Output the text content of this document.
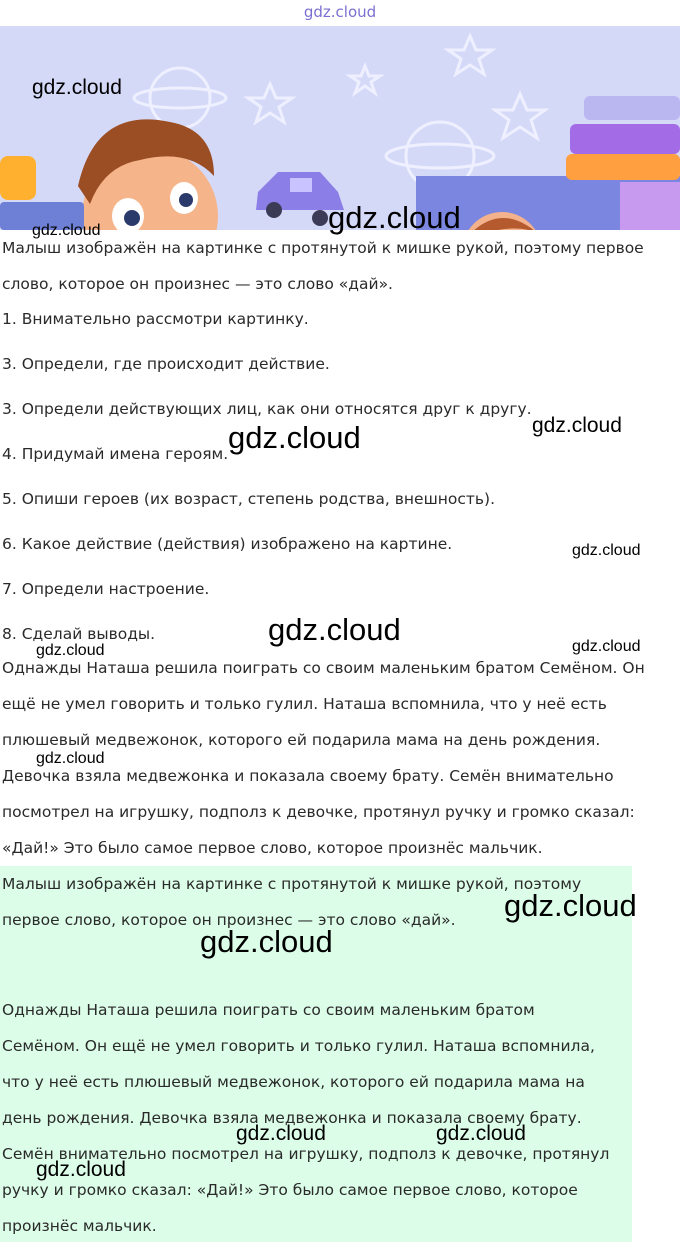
gdz.cloud
Малыш изображён на картинке с протянутой к мишке рукой, поэтому первое
слово, которое он произнес — это слово «дай».
1. Внимательно рассмотри картинку.
3. Определи, где происходит действие.
3. Определи действующих лиц, как они относятся друг к другу.
4. Придумай имена героям.
5. Опиши героев (их возраст, степень родства, внешность).
6. Какое действие (действия) изображено на картине.
7. Определи настроение.
8. Сделай выводы.
Однажды Наташа решила поиграть со своим маленьким братом Семёном. Он
ещё не умел говорить и только гулил. Наташа вспомнила, что у неё есть
плюшевый медвежонок, которого ей подарила мама на день рождения.
Девочка взяла медвежонка и показала своему брату. Семён внимательно
посмотрел на игрушку, подполз к девочке, протянул ручку и громко сказал:
«Дай!» Это было самое первое слово, которое произнёс мальчик.
Малыш изображён на картинке с протянутой к мишке рукой, поэтому
первое слово, которое он произнес — это слово «дай».
Однажды Наташа решила поиграть со своим маленьким братом
Семёном. Он ещё не умел говорить и только гулил. Наташа вспомнила,
что у неё есть плюшевый медвежонок, которого ей подарила мама на
день рождения. Девочка взяла медвежонка и показала своему брату.
Семён внимательно посмотрел на игрушку, подполз к девочке, протянул
ручку и громко сказал: «Дай!» Это было самое первое слово, которое
произнёс мальчик.
gdz.cloud
gdz.cloud
gdz.cloud
gdz.cloud	gdz.cloud
gdz.cloud
gdz.cloud
gdz.cloud	gdz.cloud
gdz.cloud
gdz.cloud
gdz.cloud
gdz.cloud	gdz.cloud
gdz.cloud
